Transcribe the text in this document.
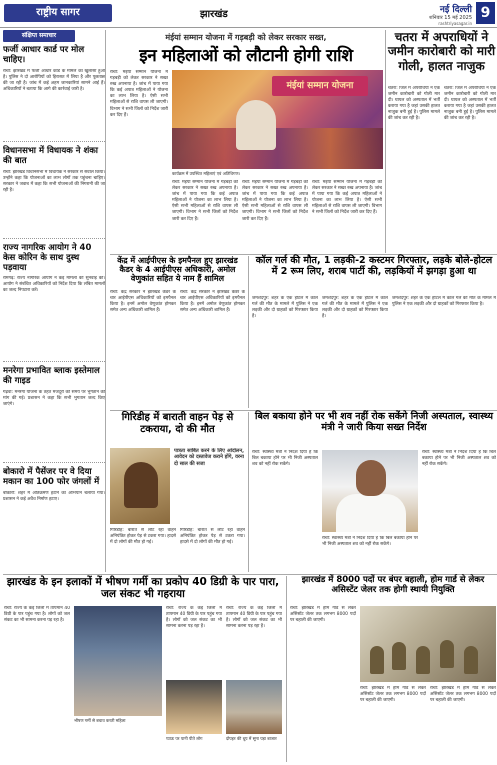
राष्ट्रीय सागर	झारखंड	नई दिल्ली
शनिवार 15 मई 2025
rashtriyasagar.in
9
संक्षिप्त समाचार
फर्जी आधार कार्ड पर मोल चाहिए।
रांची: झारखंड में फर्जी आधार कार्ड के मामले का खुलासा हुआ है। पुलिस ने दो आरोपियों को हिरासत में लिया है और पूछताछ की जा रही है। जांच में कई अहम जानकारियां सामने आई हैं। अधिकारियों ने बताया कि आगे की कार्रवाई जारी है।
विधानसभा में विधायक ने शंका की बात
रांची: झारखंड विधानसभा में विधायक ने सरकार से सवाल किया। उन्होंने कहा कि योजनाओं का लाभ लोगों तक पहुंचना चाहिए। सरकार ने जवाब में कहा कि सभी योजनाओं की निगरानी की जा रही है।
राज्य नागरिक आयोग ने 40 केस कोरिन के साथ दुस्थ पड़वाया
रामगढ़: राज्य नागरिक आयोग ने कई मामलों की सुनवाई की। आयोग ने संबंधित अधिकारियों को निर्देश दिया कि लंबित मामलों का जल्द निपटारा करें।
मनरेगा प्रभावित ब्लाक इस्तेमाल की गाइड
गढ़वा: मनरेगा योजना के तहत मजदूरों को समय पर भुगतान की मांग की गई। प्रशासन ने कहा कि सभी भुगतान जल्द किए जाएंगे।
बोकारो में पैसेंजर पर वे दिया मकान का 100 फोर जंगलों में
बोकारो: शहर में अतिक्रमण हटाने का अभियान चलाया गया। प्रशासन ने कई अवैध निर्माण हटाए।
मंईयां सम्मान योजना में गड़बड़ी को लेकर सरकार सख्त,
इन महिलाओं को लौटानी होगी राशि
रांची: मंईयां सम्मान योजना में गड़बड़ी को लेकर सरकार ने सख्त रुख अपनाया है। जांच में पाया गया कि कई अपात्र महिलाओं ने योजना का लाभ लिया है। ऐसी सभी महिलाओं से राशि वापस ली जाएगी। विभाग ने सभी जिलों को निर्देश जारी कर दिए हैं।
मंईयां सम्मान योजना
कार्यक्रम में उपस्थित महिलाएं एवं अतिथिगण।
रांची: मंईयां सम्मान योजना में गड़बड़ी को लेकर सरकार ने सख्त रुख अपनाया है। जांच में पाया गया कि कई अपात्र महिलाओं ने योजना का लाभ लिया है। ऐसी सभी महिलाओं से राशि वापस ली जाएगी। विभाग ने सभी जिलों को निर्देश जारी कर दिए हैं।
रांची: मंईयां सम्मान योजना में गड़बड़ी को लेकर सरकार ने सख्त रुख अपनाया है। जांच में पाया गया कि कई अपात्र महिलाओं ने योजना का लाभ लिया है। ऐसी सभी महिलाओं से राशि वापस ली जाएगी। विभाग ने सभी जिलों को निर्देश जारी कर दिए हैं।
रांची: मंईयां सम्मान योजना में गड़बड़ी को लेकर सरकार ने सख्त रुख अपनाया है। जांच में पाया गया कि कई अपात्र महिलाओं ने योजना का लाभ लिया है। ऐसी सभी महिलाओं से राशि वापस ली जाएगी। विभाग ने सभी जिलों को निर्देश जारी कर दिए हैं।
चतरा में अपराधियों ने जमीन कारोबारी को मारी गोली, हालत नाजुक
चतरा: जिले में अपराधियों ने एक जमीन कारोबारी को गोली मार दी। घायल को अस्पताल में भर्ती कराया गया है जहां उसकी हालत नाजुक बनी हुई है। पुलिस मामले की जांच कर रही है।
चतरा: जिले में अपराधियों ने एक जमीन कारोबारी को गोली मार दी। घायल को अस्पताल में भर्ती कराया गया है जहां उसकी हालत नाजुक बनी हुई है। पुलिस मामले की जांच कर रही है।
केंद्र में आईपीएस के इमपैनल हुए झारखंड कैडर के 4 आईपीएस अधिकारी, अमोल वेणुकांत सहित ये नाम हैं शामिल
रांची: केंद्र सरकार ने झारखंड कैडर के चार आईपीएस अधिकारियों को इमपैनल किया है। इनमें अमोल वेणुकांत होमकर समेत अन्य अधिकारी शामिल हैं।
रांची: केंद्र सरकार ने झारखंड कैडर के चार आईपीएस अधिकारियों को इमपैनल किया है। इनमें अमोल वेणुकांत होमकर समेत अन्य अधिकारी शामिल हैं।
कॉल गर्ल की मौत, 1 लड़की-2 कस्टमर गिरफ्तार, लड़के बोले-होटल में 2 रूम लिए, शराब पार्टी की, लड़कियों में झगड़ा हुआ था
जमशेदपुर: शहर के एक होटल में कॉल गर्ल की मौत के मामले में पुलिस ने एक लड़की और दो ग्राहकों को गिरफ्तार किया है।
जमशेदपुर: शहर के एक होटल में कॉल गर्ल की मौत के मामले में पुलिस ने एक लड़की और दो ग्राहकों को गिरफ्तार किया है।
जमशेदपुर: शहर के एक होटल में कॉल गर्ल की मौत के मामले में पुलिस ने एक लड़की और दो ग्राहकों को गिरफ्तार किया है।
गिरिडीह में बाराती वाहन पेड़ से टकराया, दो की मौत
पात्रता साबित करने के लिए आंदोलन, आवेदन को दस्तावेज कराने होंगे, वरना दो साल की सजा
गिरिडीह: बारात से लौट रहा वाहन अनियंत्रित होकर पेड़ से टकरा गया। हादसे में दो लोगों की मौत हो गई।
गिरिडीह: बारात से लौट रहा वाहन अनियंत्रित होकर पेड़ से टकरा गया। हादसे में दो लोगों की मौत हो गई।
बिल बकाया होने पर भी शव नहीं रोक सकेंगे निजी अस्पताल, स्वास्थ्य मंत्री ने जारी किया सख्त निर्देश
रांची: स्वास्थ्य मंत्री ने निर्देश दिया है कि बिल बकाया होने पर भी निजी अस्पताल शव को नहीं रोक सकेंगे।
रांची: स्वास्थ्य मंत्री ने निर्देश दिया है कि बिल बकाया होने पर भी निजी अस्पताल शव को नहीं रोक सकेंगे।
रांची: स्वास्थ्य मंत्री ने निर्देश दिया है कि बिल बकाया होने पर भी निजी अस्पताल शव को नहीं रोक सकेंगे।
झारखंड के इन इलाकों में भीषण गर्मी का प्रकोप 40 डिग्री के पार पारा, जल संकट भी गहराया
रांची: राज्य के कई जिलों में तापमान 40 डिग्री के पार पहुंच गया है। लोगों को जल संकट का भी सामना करना पड़ रहा है।
भीषण गर्मी से बचाव करती महिला
रांची: राज्य के कई जिलों में तापमान 40 डिग्री के पार पहुंच गया है। लोगों को जल संकट का भी सामना करना पड़ रहा है।
रांची: राज्य के कई जिलों में तापमान 40 डिग्री के पार पहुंच गया है। लोगों को जल संकट का भी सामना करना पड़ रहा है।
प्याऊ पर पानी पीते लोग	दोपहर की धूप में सूना पड़ा बाजार
झारखंड में 8000 पदों पर बंपर बहाली, होम गार्ड से लेकर असिस्टेंट जेलर तक होगी स्थायी नियुक्ति
रांची: झारखंड में होम गार्ड से लेकर असिस्टेंट जेलर तक लगभग 8000 पदों पर बहाली की जाएगी।
रांची: झारखंड में होम गार्ड से लेकर असिस्टेंट जेलर तक लगभग 8000 पदों पर बहाली की जाएगी।
रांची: झारखंड में होम गार्ड से लेकर असिस्टेंट जेलर तक लगभग 8000 पदों पर बहाली की जाएगी।
